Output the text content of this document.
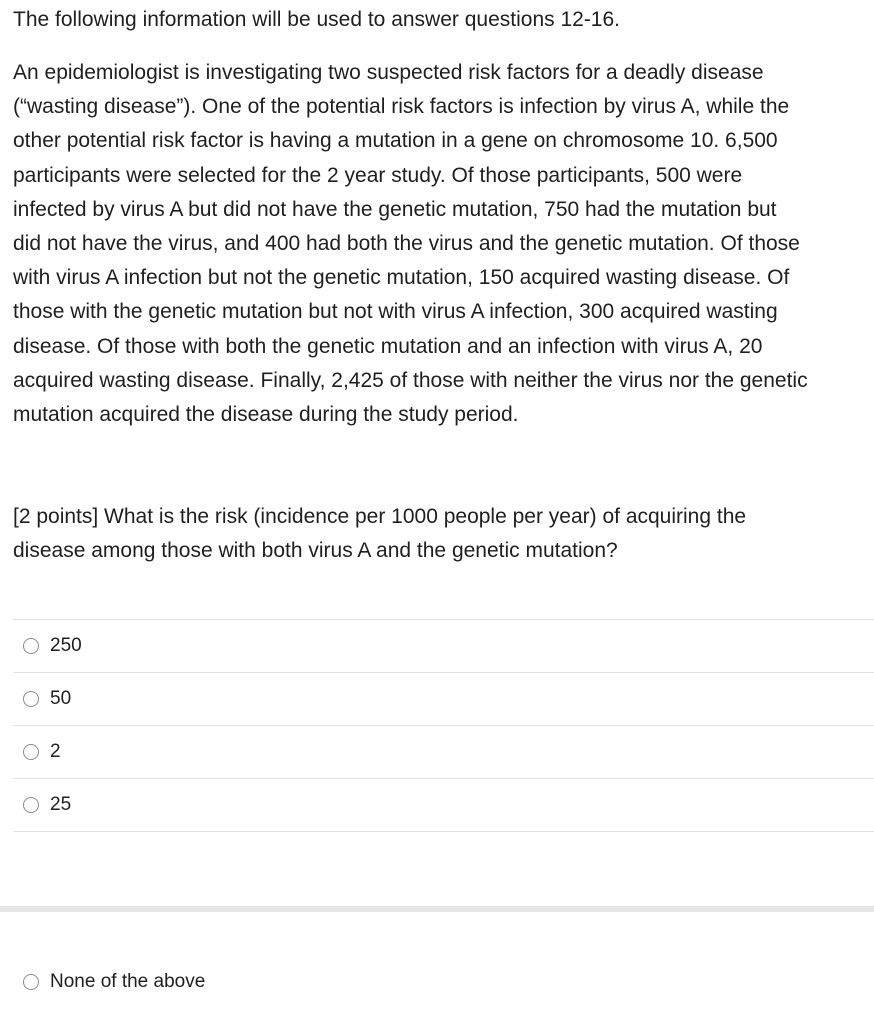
The following information will be used to answer questions 12-16.

An epidemiologist is investigating two suspected risk factors for a deadly disease
(“wasting disease”). One of the potential risk factors is infection by virus A, while the
other potential risk factor is having a mutation in a gene on chromosome 10. 6,500
participants were selected for the 2 year study. Of those participants, 500 were
infected by virus A but did not have the genetic mutation, 750 had the mutation but
did not have the virus, and 400 had both the virus and the genetic mutation. Of those
with virus A infection but not the genetic mutation, 150 acquired wasting disease. Of
those with the genetic mutation but not with virus A infection, 300 acquired wasting
disease. Of those with both the genetic mutation and an infection with virus A, 20
acquired wasting disease. Finally, 2,425 of those with neither the virus nor the genetic
mutation acquired the disease during the study period.

[2 points] What is the risk (incidence per 1000 people per year) of acquiring the
disease among those with both virus A and the genetic mutation?

250
50
2
25
None of the above
